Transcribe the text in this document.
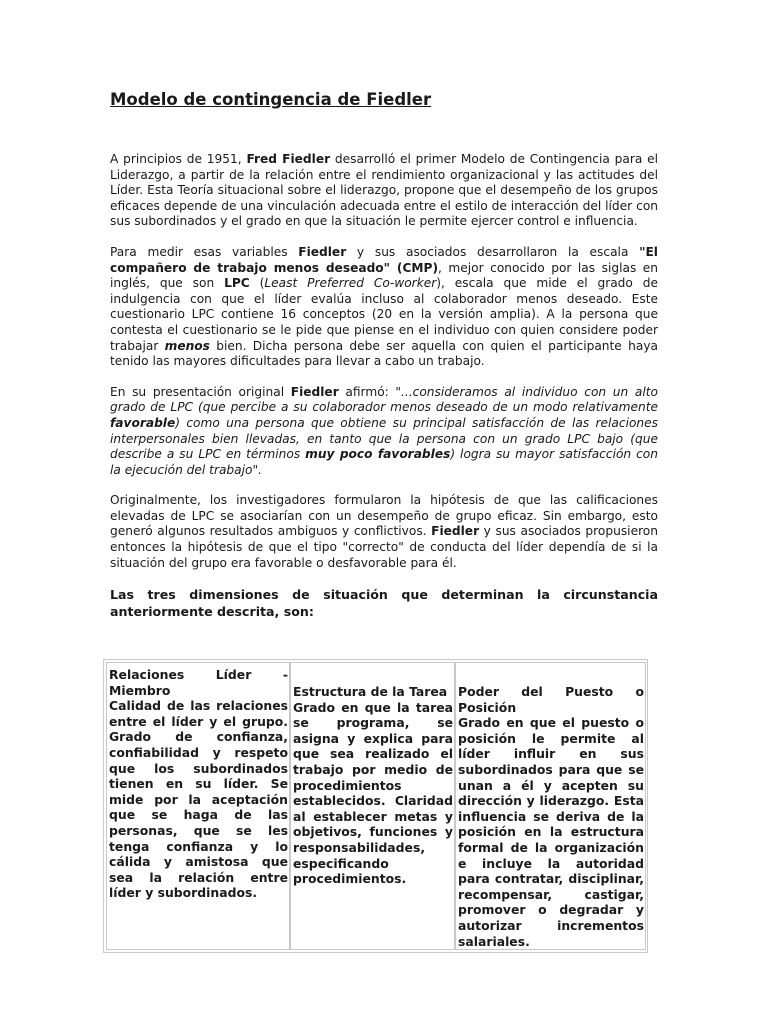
Modelo de contingencia de Fiedler

A principios de 1951, Fred Fiedler desarrolló el primer Modelo de Contingencia para el Liderazgo, a partir de la relación entre el rendimiento organizacional y las actitudes del Líder. Esta Teoría situacional sobre el liderazgo, propone que el desempeño de los grupos eficaces depende de una vinculación adecuada entre el estilo de interacción del líder con sus subordinados y el grado en que la situación le permite ejercer control e influencia.

Para medir esas variables Fiedler y sus asociados desarrollaron la escala "El compañero de trabajo menos deseado" (CMP), mejor conocido por las siglas en inglés, que son LPC (Least Preferred Co-worker), escala que mide el grado de indulgencia con que el líder evalúa incluso al colaborador menos deseado. Este cuestionario LPC contiene 16 conceptos (20 en la versión amplia). A la persona que contesta el cuestionario se le pide que piense en el individuo con quien considere poder trabajar menos bien. Dicha persona debe ser aquella con quien el participante haya tenido las mayores dificultades para llevar a cabo un trabajo.

En su presentación original Fiedler afirmó: "...consideramos al individuo con un alto grado de LPC (que percibe a su colaborador menos deseado de un modo relativamente favorable) como una persona que obtiene su principal satisfacción de las relaciones interpersonales bien llevadas, en tanto que la persona con un grado LPC bajo (que describe a su LPC en términos muy poco favorables) logra su mayor satisfacción con la ejecución del trabajo".

Originalmente, los investigadores formularon la hipótesis de que las calificaciones elevadas de LPC se asociarían con un desempeño de grupo eficaz. Sin embargo, esto generó algunos resultados ambiguos y conflictivos. Fiedler y sus asociados propusieron entonces la hipótesis de que el tipo "correcto" de conducta del líder dependía de si la situación del grupo era favorable o desfavorable para él.

Las tres dimensiones de situación que determinan la circunstancia anteriormente descrita, son:

Relaciones Líder - Miembro
Calidad de las relaciones entre el líder y el grupo. Grado de confianza, confiabilidad y respeto que los subordinados tienen en su líder. Se mide por la aceptación que se haga de las personas, que se les tenga confianza y lo cálida y amistosa que sea la relación entre líder y subordinados.
Estructura de la Tarea
Grado en que la tarea se programa, se asigna y explica para que sea realizado el trabajo por medio de procedimientos establecidos. Claridad al establecer metas y objetivos, funciones y responsabilidades, especificando procedimientos.
Poder del Puesto o Posición
Grado en que el puesto o posición le permite al líder influir en sus subordinados para que se unan a él y acepten su dirección y liderazgo. Esta influencia se deriva de la posición en la estructura formal de la organización e incluye la autoridad para contratar, disciplinar, recompensar, castigar, promover o degradar y autorizar incrementos salariales.
